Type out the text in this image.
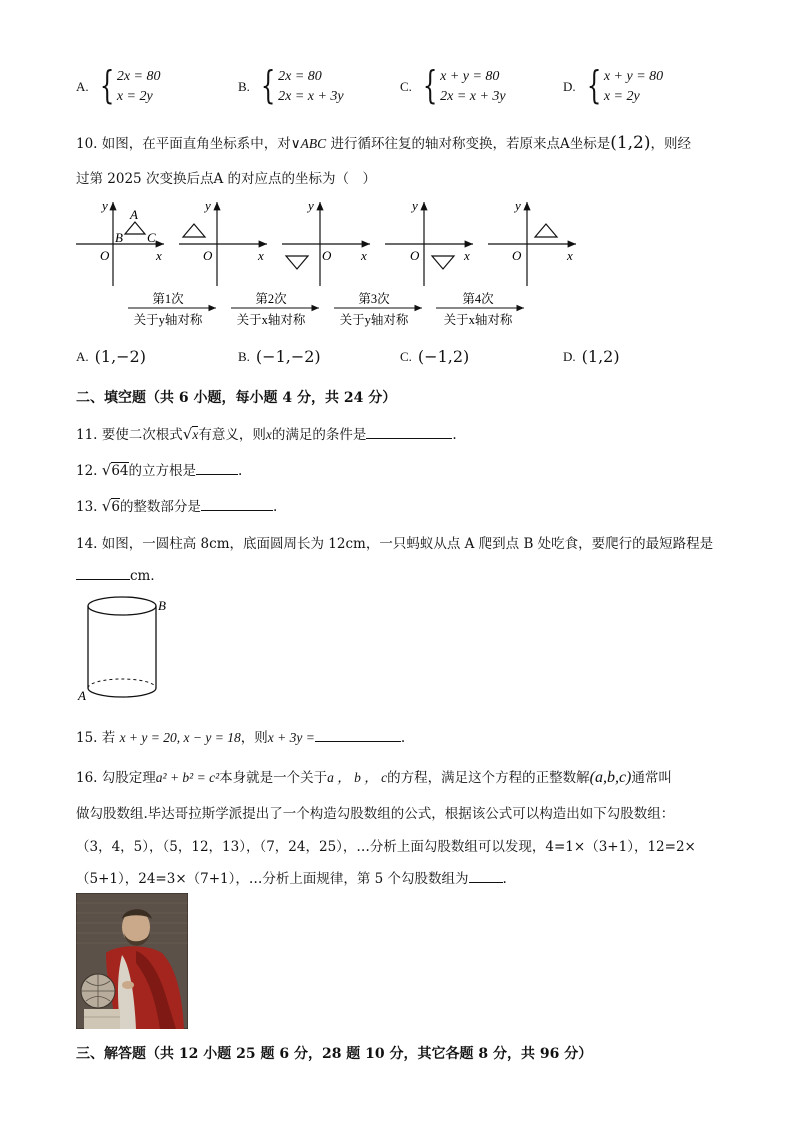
A. { 2x = 80
x = 2y
B. { 2x = 80
2x = x + 3y
C. { x + y = 80
2x = x + 3y
D. { x + y = 80
x = 2y
10. 如图，在平面直角坐标系中，对∨ABC 进行循环往复的轴对称变换，若原来点A坐标是(1,2)，则经
过第 2025 次变换后点A 的对应点的坐标为（　）
y
x
O
A
B C
y
x
O
y
x
O
y
x
O
y
x
O
第1次
关于y轴对称
第2次
关于x轴对称
第3次
关于y轴对称
第4次
关于x轴对称
A. (1,−2)	B. (−1,−2)	C. (−1,2)	D. (1,2)
二、填空题（共 6 小题，每小题 4 分，共 24 分）
11. 要使二次根式√x有意义，则x的满足的条件是	.
12. √64的立方根是	.
13. √6的整数部分是	.
14. 如图，一圆柱高 8cm，底面圆周长为 12cm，一只蚂蚁从点 A 爬到点 B 处吃食，要爬行的最短路程是
cm．
B
A
15. 若 x + y = 20, x − y = 18，则x + 3y =	.
16. 勾股定理a² + b² = c²本身就是一个关于a ， b ， c的方程，满足这个方程的正整数解(a,b,c)通常叫
做勾股数组.毕达哥拉斯学派提出了一个构造勾股数组的公式，根据该公式可以构造出如下勾股数组：
（3，4，5），（5，12，13），（7，24，25），…分析上面勾股数组可以发现，4=1×（3+1），12=2×
（5+1），24=3×（7+1），…分析上面规律，第 5 个勾股数组为	.
三、解答题（共 12 小题 25 题 6 分，28 题 10 分，其它各题 8 分，共 96 分）
